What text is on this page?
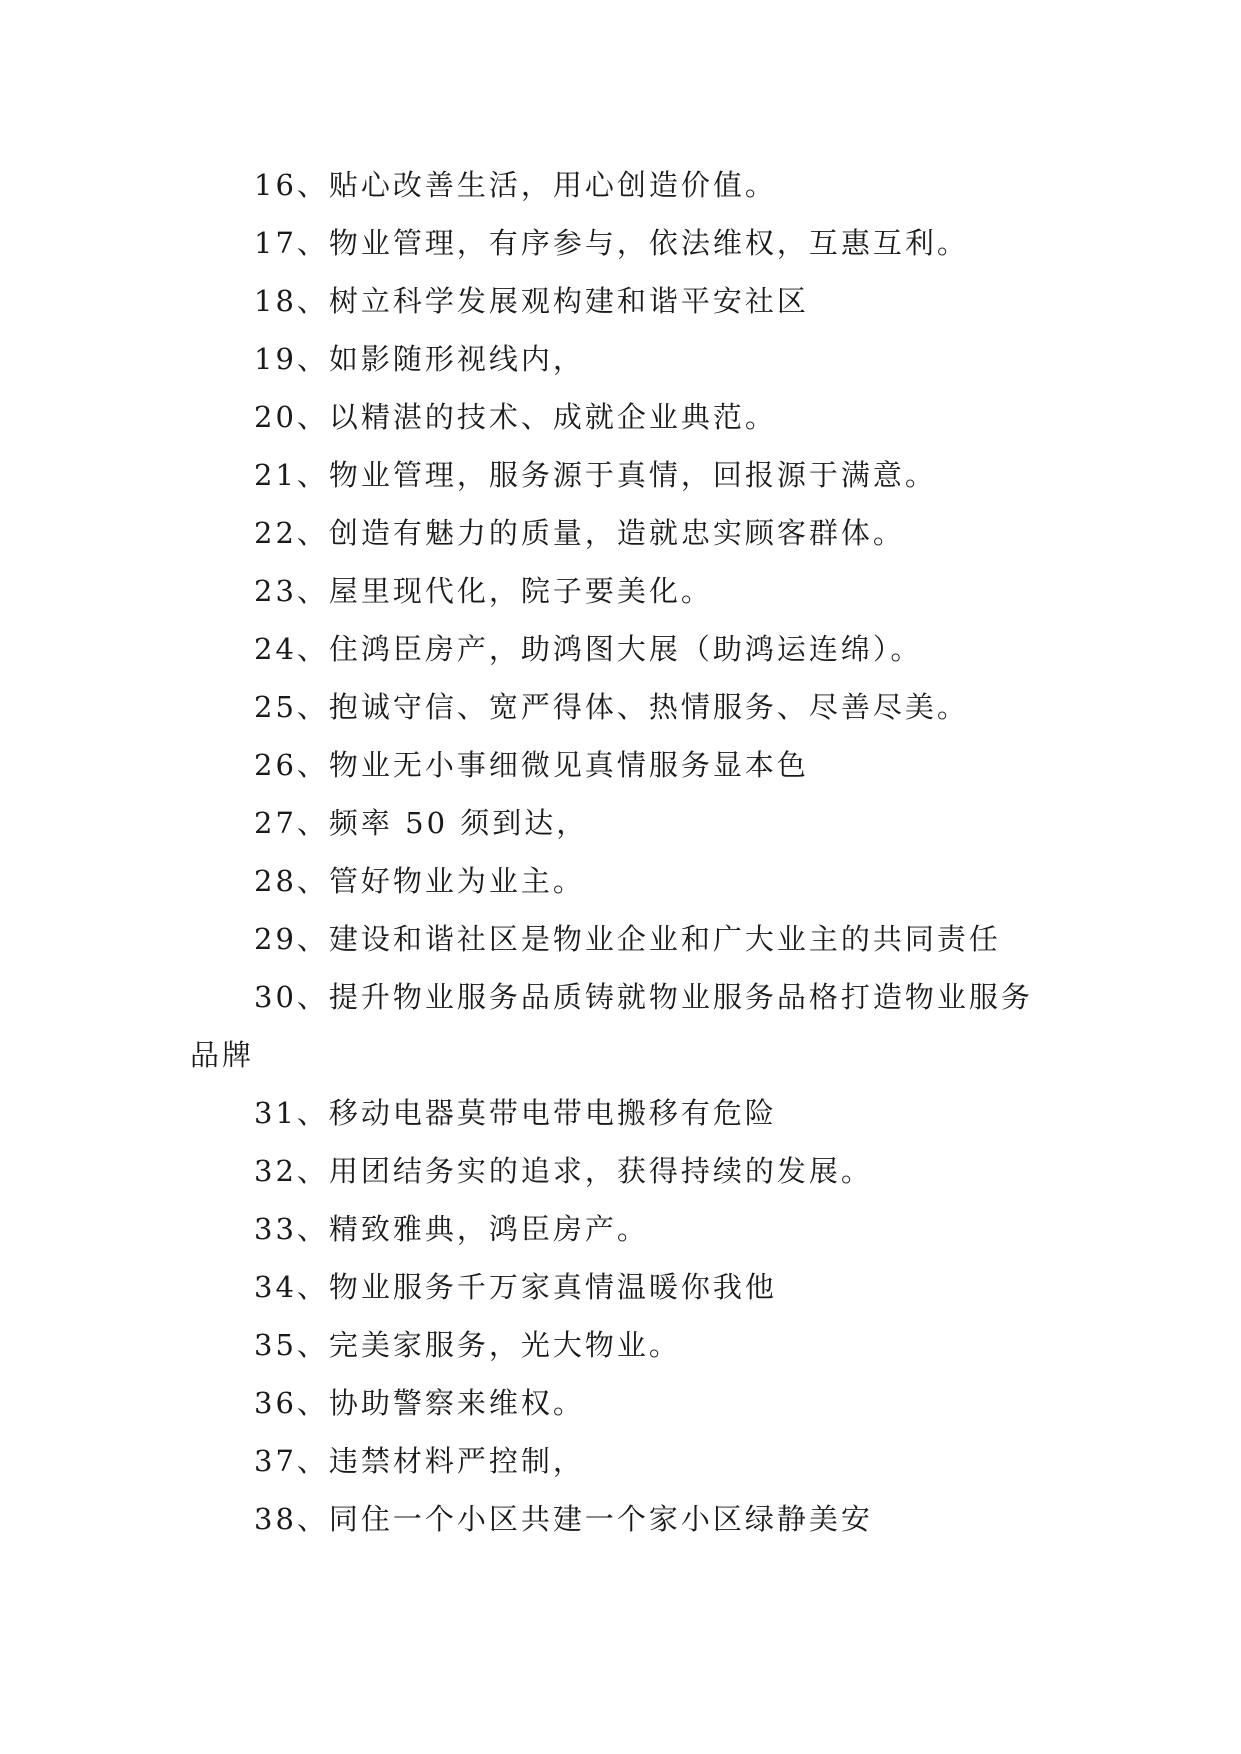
16、贴心改善生活，用心创造价值。

17、物业管理，有序参与，依法维权，互惠互利。

18、树立科学发展观构建和谐平安社区

19、如影随形视线内，

20、以精湛的技术、成就企业典范。

21、物业管理，服务源于真情，回报源于满意。

22、创造有魅力的质量，造就忠实顾客群体。

23、屋里现代化，院子要美化。

24、住鸿臣房产，助鸿图大展（助鸿运连绵）。

25、抱诚守信、宽严得体、热情服务、尽善尽美。

26、物业无小事细微见真情服务显本色

27、频率 50 须到达，

28、管好物业为业主。

29、建设和谐社区是物业企业和广大业主的共同责任

30、提升物业服务品质铸就物业服务品格打造物业服务品牌

31、移动电器莫带电带电搬移有危险

32、用团结务实的追求，获得持续的发展。

33、精致雅典，鸿臣房产。

34、物业服务千万家真情温暖你我他

35、完美家服务，光大物业。

36、协助警察来维权。

37、违禁材料严控制，

38、同住一个小区共建一个家小区绿静美安
